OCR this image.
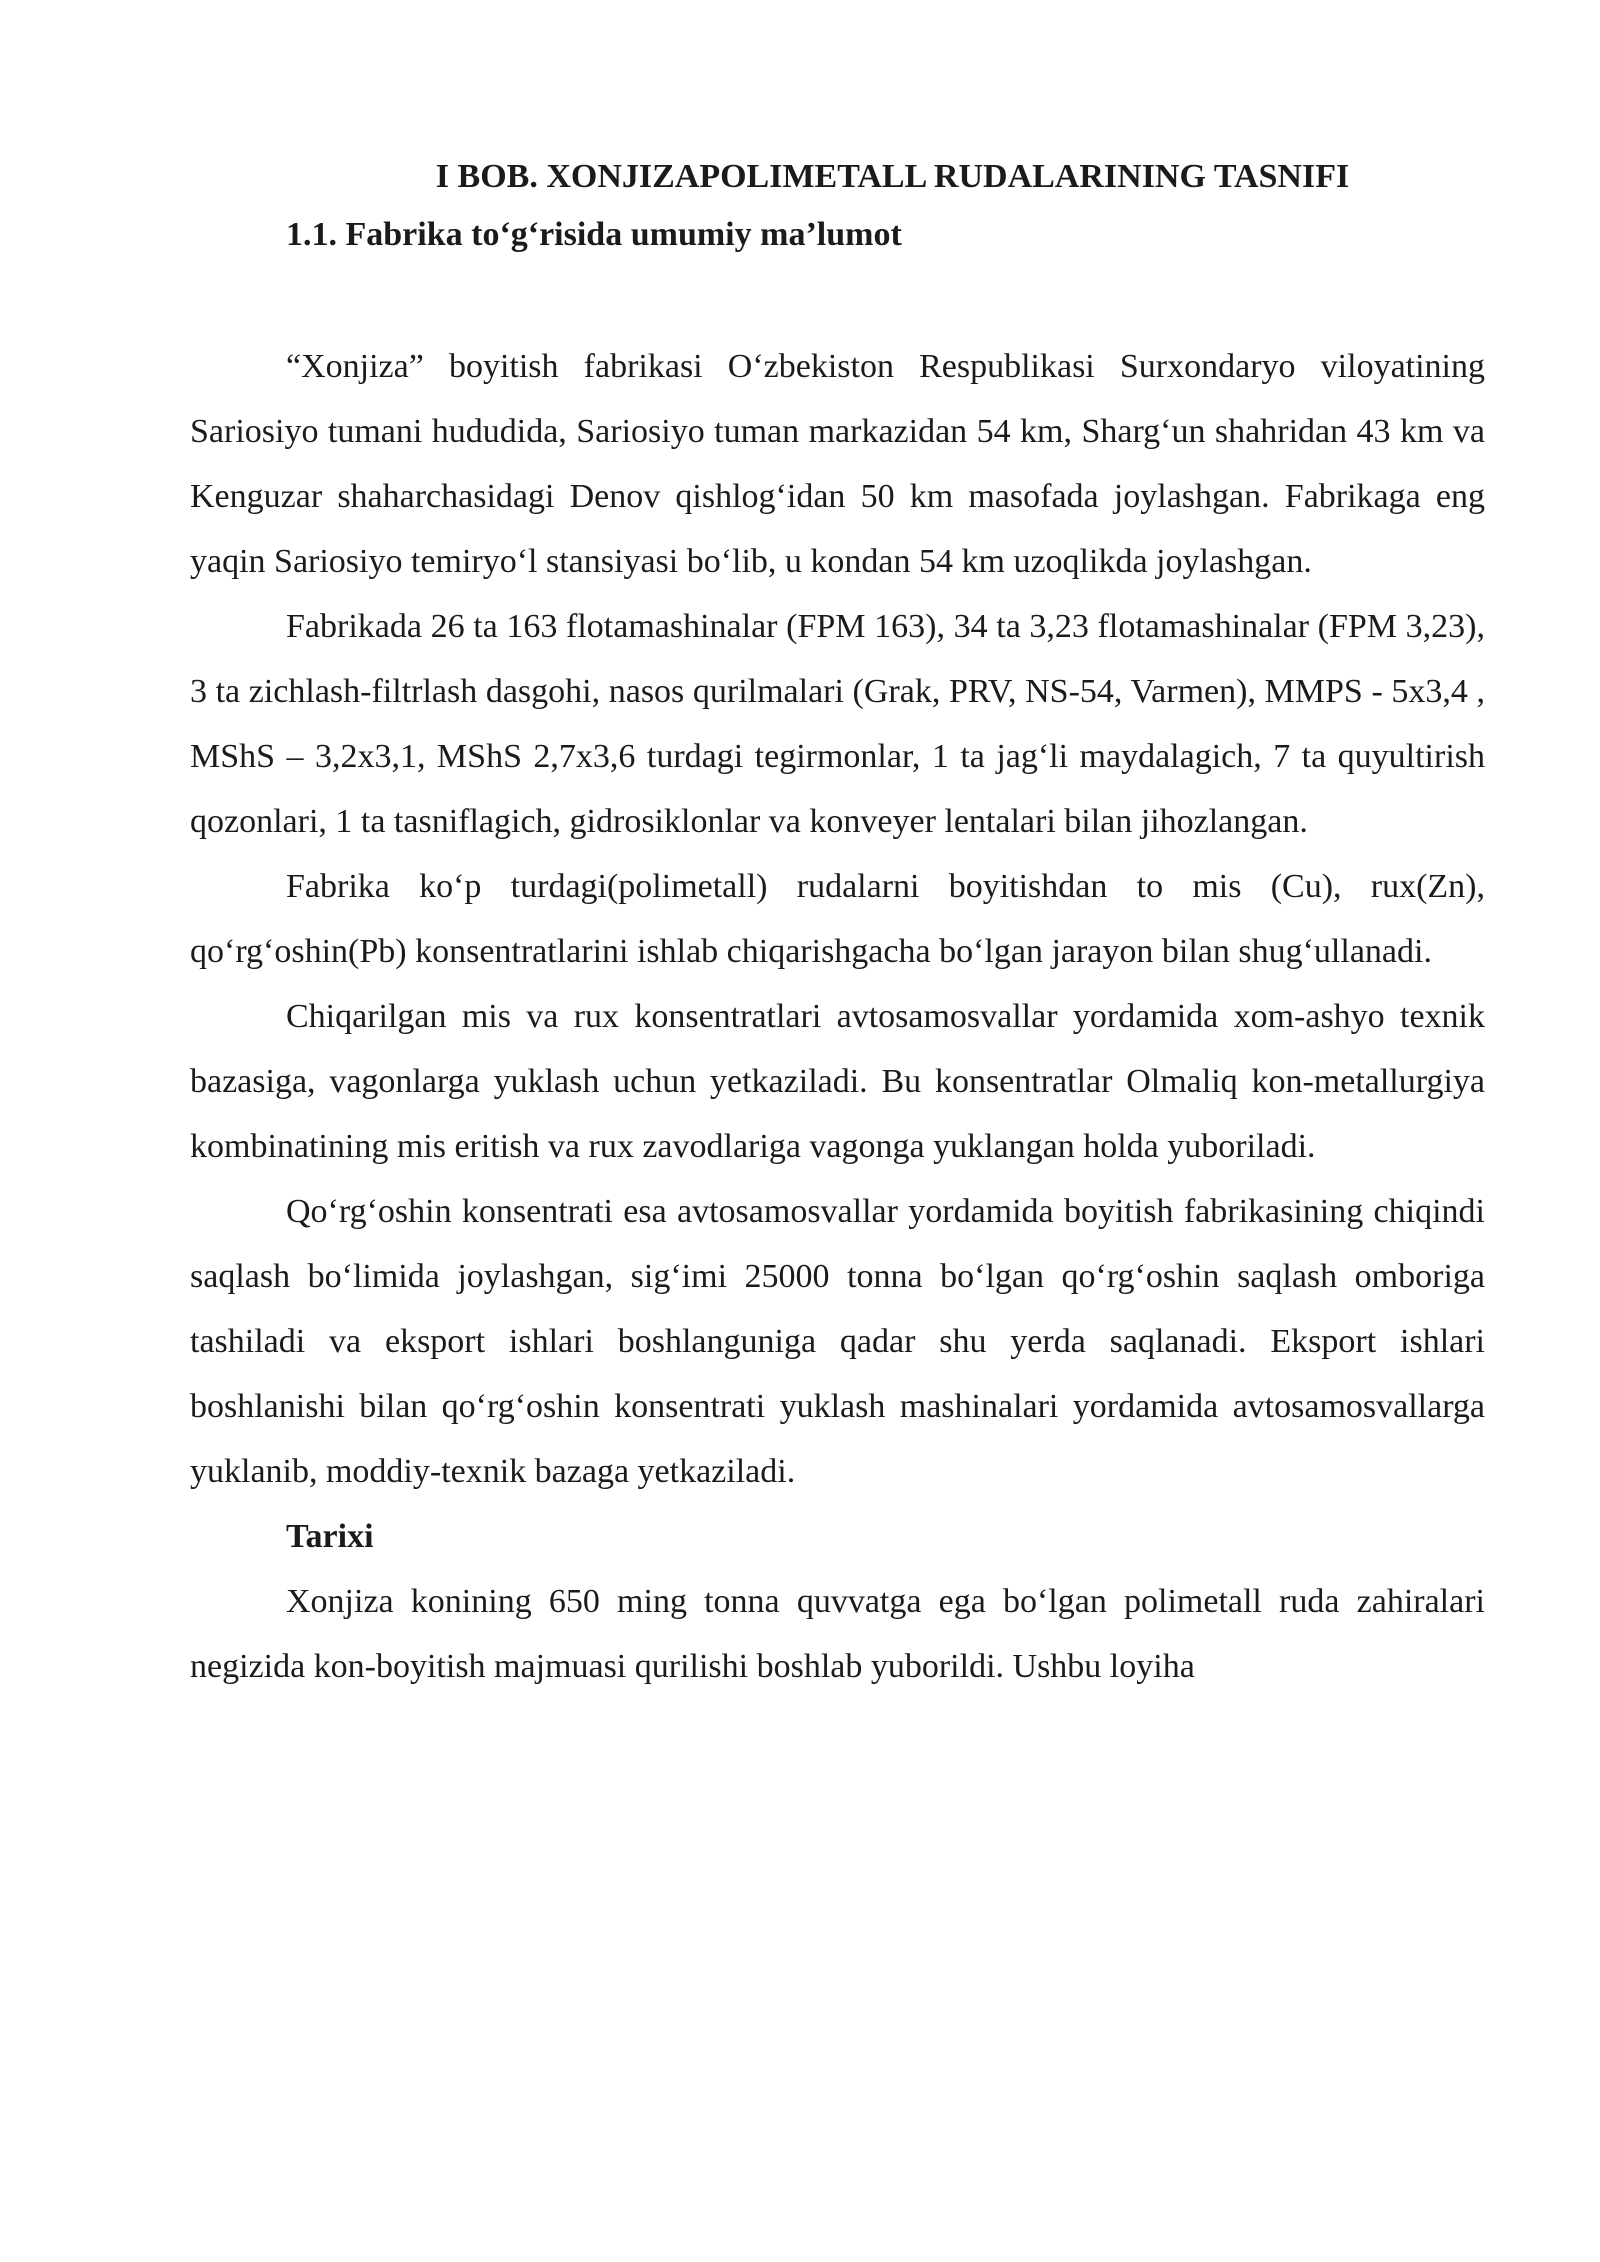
I BOB. XONJIZAPOLIMETALL RUDALARINING TASNIFI
1.1. Fabrika to‘g‘risida umumiy ma’lumot

“Xonjiza” boyitish fabrikasi O‘zbekiston Respublikasi Surxondaryo viloyatining Sariosiyo tumani hududida, Sariosiyo tuman markazidan 54 km, Sharg‘un shahridan 43 km va Kenguzar shaharchasidagi Denov qishlog‘idan 50 km masofada joylashgan. Fabrikaga eng yaqin Sariosiyo temiryo‘l stansiyasi bo‘lib, u kondan 54 km uzoqlikda joylashgan.

Fabrikada 26 ta 163 flotamashinalar (FPM 163), 34 ta 3,23 flotamashinalar (FPM 3,23), 3 ta zichlash-filtrlash dasgohi, nasos qurilmalari (Grak, PRV, NS-54, Varmen), MMPS - 5x3,4 , MShS – 3,2x3,1, MShS 2,7x3,6 turdagi tegirmonlar, 1 ta jag‘li maydalagich, 7 ta quyultirish qozonlari, 1 ta tasniflagich, gidrosiklonlar va konveyer lentalari bilan jihozlangan.

Fabrika ko‘p turdagi(polimetall) rudalarni boyitishdan to mis (Cu), rux(Zn), qo‘rg‘oshin(Pb) konsentratlarini ishlab chiqarishgacha bo‘lgan jarayon bilan shug‘ullanadi.

Chiqarilgan mis va rux konsentratlari avtosamosvallar yordamida xom-ashyo texnik bazasiga, vagonlarga yuklash uchun yetkaziladi. Bu konsentratlar Olmaliq kon-metallurgiya kombinatining mis eritish va rux zavodlariga vagonga yuklangan holda yuboriladi.

Qo‘rg‘oshin konsentrati esa avtosamosvallar yordamida boyitish fabrikasining chiqindi saqlash bo‘limida joylashgan, sig‘imi 25000 tonna bo‘lgan qo‘rg‘oshin saqlash omboriga tashiladi va eksport ishlari boshlanguniga qadar shu yerda saqlanadi. Eksport ishlari boshlanishi bilan qo‘rg‘oshin konsentrati yuklash mashinalari yordamida avtosamosvallarga yuklanib, moddiy-texnik bazaga yetkaziladi.

Tarixi

Xonjiza konining 650 ming tonna quvvatga ega bo‘lgan polimetall ruda zahiralari negizida kon-boyitish majmuasi qurilishi boshlab yuborildi. Ushbu loyiha
